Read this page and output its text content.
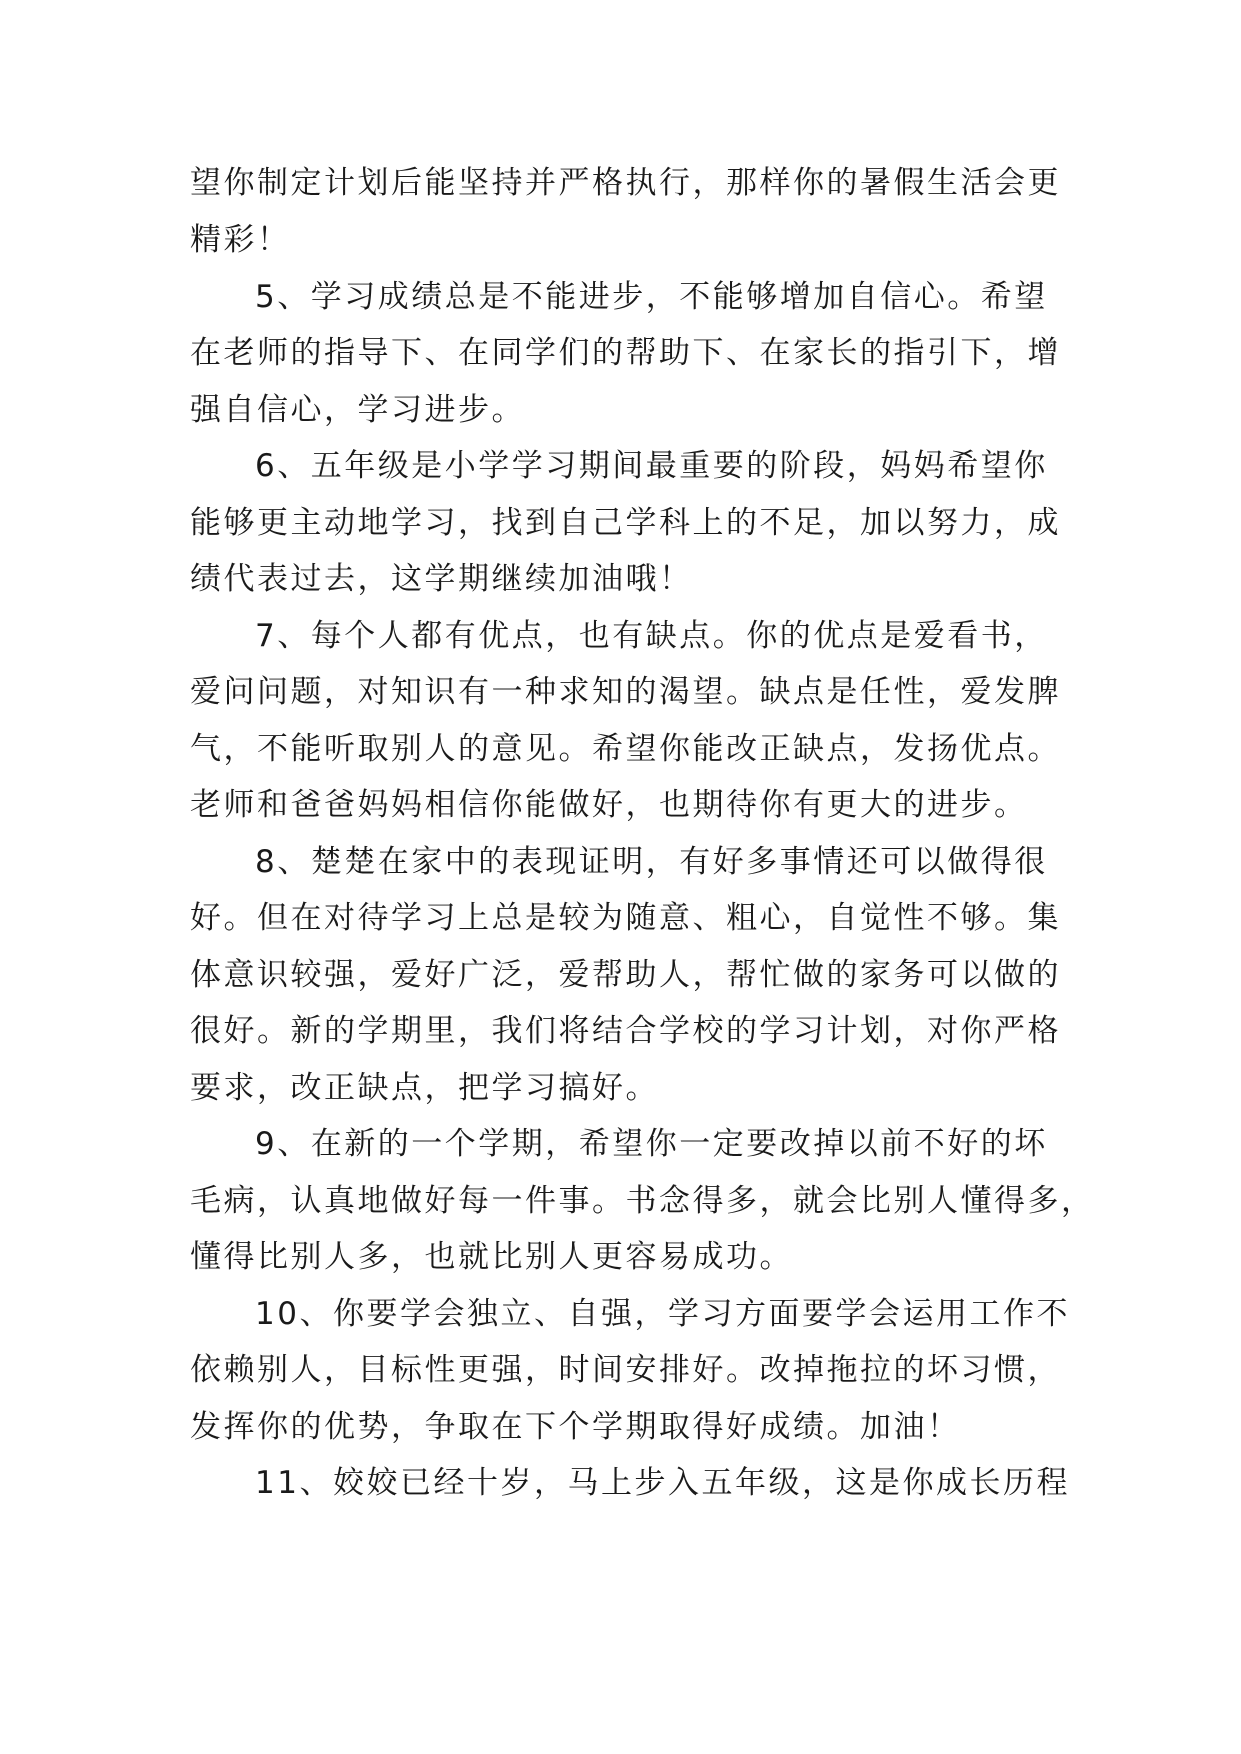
望你制定计划后能坚持并严格执行，那样你的暑假生活会更
精彩！
5、学习成绩总是不能进步，不能够增加自信心。希望
在老师的指导下、在同学们的帮助下、在家长的指引下，增
强自信心，学习进步。
6、五年级是小学学习期间最重要的阶段，妈妈希望你
能够更主动地学习，找到自己学科上的不足，加以努力，成
绩代表过去，这学期继续加油哦！
7、每个人都有优点，也有缺点。你的优点是爱看书，
爱问问题，对知识有一种求知的渴望。缺点是任性，爱发脾
气，不能听取别人的意见。希望你能改正缺点，发扬优点。
老师和爸爸妈妈相信你能做好，也期待你有更大的进步。
8、楚楚在家中的表现证明，有好多事情还可以做得很
好。但在对待学习上总是较为随意、粗心，自觉性不够。集
体意识较强，爱好广泛，爱帮助人，帮忙做的家务可以做的
很好。新的学期里，我们将结合学校的学习计划，对你严格
要求，改正缺点，把学习搞好。
9、在新的一个学期，希望你一定要改掉以前不好的坏
毛病，认真地做好每一件事。书念得多，就会比别人懂得多，
懂得比别人多，也就比别人更容易成功。
10、你要学会独立、自强，学习方面要学会运用工作不
依赖别人，目标性更强，时间安排好。改掉拖拉的坏习惯，
发挥你的优势，争取在下个学期取得好成绩。加油！
11、姣姣已经十岁，马上步入五年级，这是你成长历程
